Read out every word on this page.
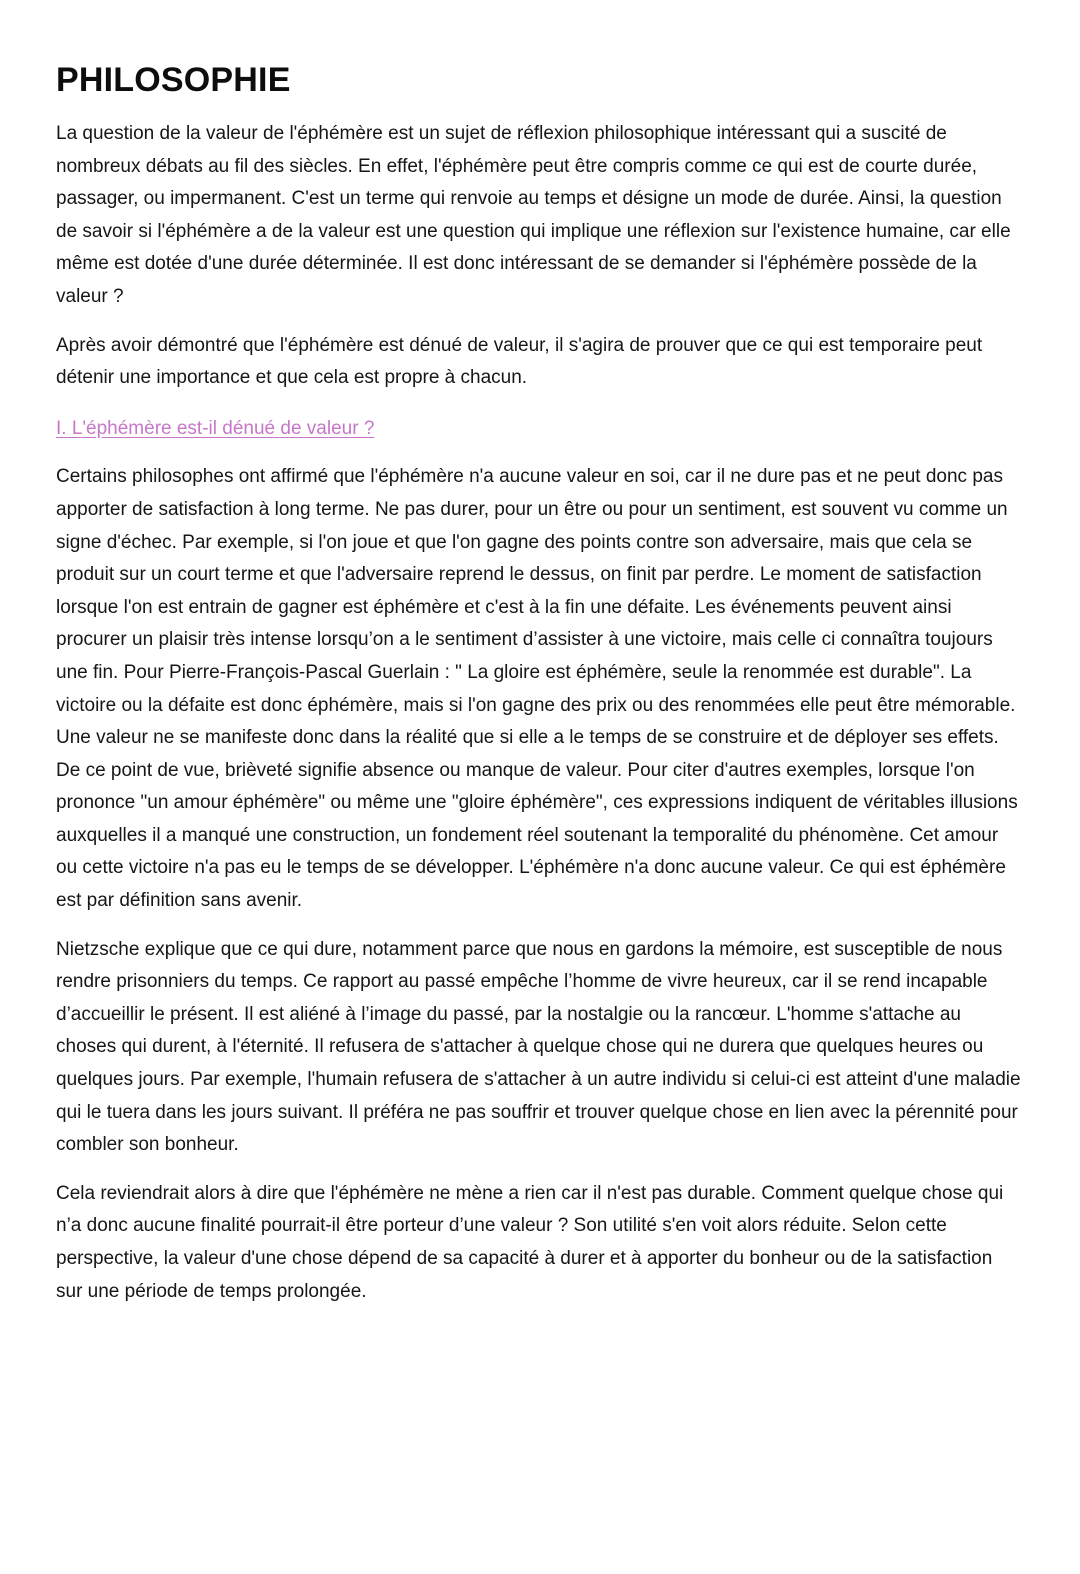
PHILOSOPHIE

La question de la valeur de l'éphémère est un sujet de réflexion philosophique intéressant qui a suscité de nombreux débats au fil des siècles. En effet, l'éphémère peut être compris comme ce qui est de courte durée, passager, ou impermanent. C'est un terme qui renvoie au temps et désigne un mode de durée. Ainsi, la question de savoir si l'éphémère a de la valeur est une question qui implique une réflexion sur l'existence humaine, car elle même est dotée d'une durée déterminée. Il est donc intéressant de se demander si l'éphémère possède de la valeur ?

Après avoir démontré que l'éphémère est dénué de valeur, il s'agira de prouver que ce qui est temporaire peut détenir une importance et que cela est propre à chacun.

I. L'éphémère est-il dénué de valeur ?

Certains philosophes ont affirmé que l'éphémère n'a aucune valeur en soi, car il ne dure pas et ne peut donc pas apporter de satisfaction à long terme. Ne pas durer, pour un être ou pour un sentiment, est souvent vu comme un signe d'échec. Par exemple, si l'on joue et que l'on gagne des points contre son adversaire, mais que cela se produit sur un court terme et que l'adversaire reprend le dessus, on finit par perdre. Le moment de satisfaction lorsque l'on est entrain de gagner est éphémère et c'est à la fin une défaite. Les événements peuvent ainsi procurer un plaisir très intense lorsqu’on a le sentiment d’assister à une victoire, mais celle ci connaîtra toujours une fin. Pour Pierre-François-Pascal Guerlain : " La gloire est éphémère, seule la renommée est durable". La victoire ou la défaite est donc éphémère, mais si l'on gagne des prix ou des renommées elle peut être mémorable. Une valeur ne se manifeste donc dans la réalité que si elle a le temps de se construire et de déployer ses effets. De ce point de vue, brièveté signifie absence ou manque de valeur. Pour citer d'autres exemples, lorsque l'on prononce "un amour éphémère" ou même une "gloire éphémère", ces expressions indiquent de véritables illusions auxquelles il a manqué une construction, un fondement réel soutenant la temporalité du phénomène. Cet amour ou cette victoire n'a pas eu le temps de se développer. L'éphémère n'a donc aucune valeur. Ce qui est éphémère est par définition sans avenir.

Nietzsche explique que ce qui dure, notamment parce que nous en gardons la mémoire, est susceptible de nous rendre prisonniers du temps. Ce rapport au passé empêche l’homme de vivre heureux, car il se rend incapable d’accueillir le présent. Il est aliéné à l’image du passé, par la nostalgie ou la rancœur. L'homme s'attache au choses qui durent, à l'éternité. Il refusera de s'attacher à quelque chose qui ne durera que quelques heures ou quelques jours. Par exemple, l'humain refusera de s'attacher à un autre individu si celui-ci est atteint d'une maladie qui le tuera dans les jours suivant. Il préféra ne pas souffrir et trouver quelque chose en lien avec la pérennité pour combler son bonheur.

Cela reviendrait alors à dire que l'éphémère ne mène a rien car il n'est pas durable. Comment quelque chose qui n’a donc aucune finalité pourrait-il être porteur d’une valeur ? Son utilité s'en voit alors réduite. Selon cette perspective, la valeur d'une chose dépend de sa capacité à durer et à apporter du bonheur ou de la satisfaction sur une période de temps prolongée.
